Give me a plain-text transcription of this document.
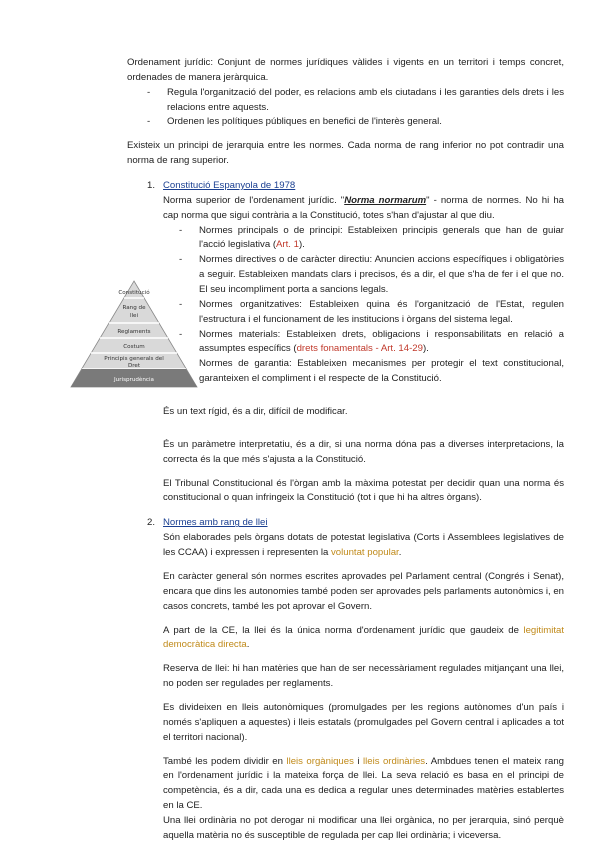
Ordenament jurídic: Conjunt de normes jurídiques vàlides i vigents en un territori i temps concret, ordenades de manera jeràrquica.

-	Regula l'organització del poder, es relacions amb els ciutadans i les garanties dels drets i les relacions entre aquests.
-	Ordenen les polítiques públiques en benefici de l'interès general.

Existeix un principi de jerarquia entre les normes. Cada norma de rang inferior no pot contradir una norma de rang superior.

1. Constitució Espanyola de 1978

Norma superior de l'ordenament jurídic. "Norma normarum" - norma de normes. No hi ha cap norma que sigui contrària a la Constitució, totes s'han d'ajustar al que diu.

Constitució
Rang de
llei
Reglaments
Costum
Principis generals del
Dret
Jurisprudència
-	Normes principals o de principi: Estableixen principis generals que han de guiar l'acció legislativa (Art. 1).
-	Normes directives o de caràcter directiu: Anuncien accions específiques i obligatòries a seguir. Estableixen mandats clars i precisos, és a dir, el que s'ha de fer i el que no. El seu incompliment porta a sancions legals.
-	Normes organitzatives: Estableixen quina és l'organització de l'Estat, regulen l'estructura i el funcionament de les institucions i òrgans del sistema legal.
-	Normes materials: Estableixen drets, obligacions i responsabilitats en relació a assumptes específics (drets fonamentals - Art. 14-29).
Normes de garantia: Estableixen mecanismes per protegir el text constitucional, garanteixen el compliment i el respecte de la Constitució.

És un text rígid, és a dir, difícil de modificar.

És un paràmetre interpretatiu, és a dir, si una norma dóna pas a diverses interpretacions, la correcta és la que més s'ajusta a la Constitució.

El Tribunal Constitucional és l'òrgan amb la màxima potestat per decidir quan una norma és constitucional o quan infringeix la Constitució (tot i que hi ha altres òrgans).

2. Normes amb rang de llei

Són elaborades pels òrgans dotats de potestat legislativa (Corts i Assemblees legislatives de les CCAA) i expressen i representen la voluntat popular.

En caràcter general són normes escrites aprovades pel Parlament central (Congrés i Senat), encara que dins les autonomies també poden ser aprovades pels parlaments autonòmics i, en casos concrets, també les pot aprovar el Govern.

A part de la CE, la llei és la única norma d'ordenament jurídic que gaudeix de legitimitat democràtica directa.

Reserva de llei: hi han matèries que han de ser necessàriament regulades mitjançant una llei, no poden ser regulades per reglaments.

Es divideixen en lleis autonòmiques (promulgades per les regions autònomes d'un país i només s'apliquen a aquestes) i lleis estatals (promulgades pel Govern central i aplicades a tot el territori nacional).

També les podem dividir en lleis orgàniques i lleis ordinàries. Ambdues tenen el mateix rang en l'ordenament jurídic i la mateixa força de llei. La seva relació es basa en el principi de competència, és a dir, cada una es dedica a regular unes determinades matèries establertes en la CE.

Una llei ordinària no pot derogar ni modificar una llei orgànica, no per jerarquia, sinó perquè aquella matèria no és susceptible de regulada per cap llei ordinària; i viceversa.
